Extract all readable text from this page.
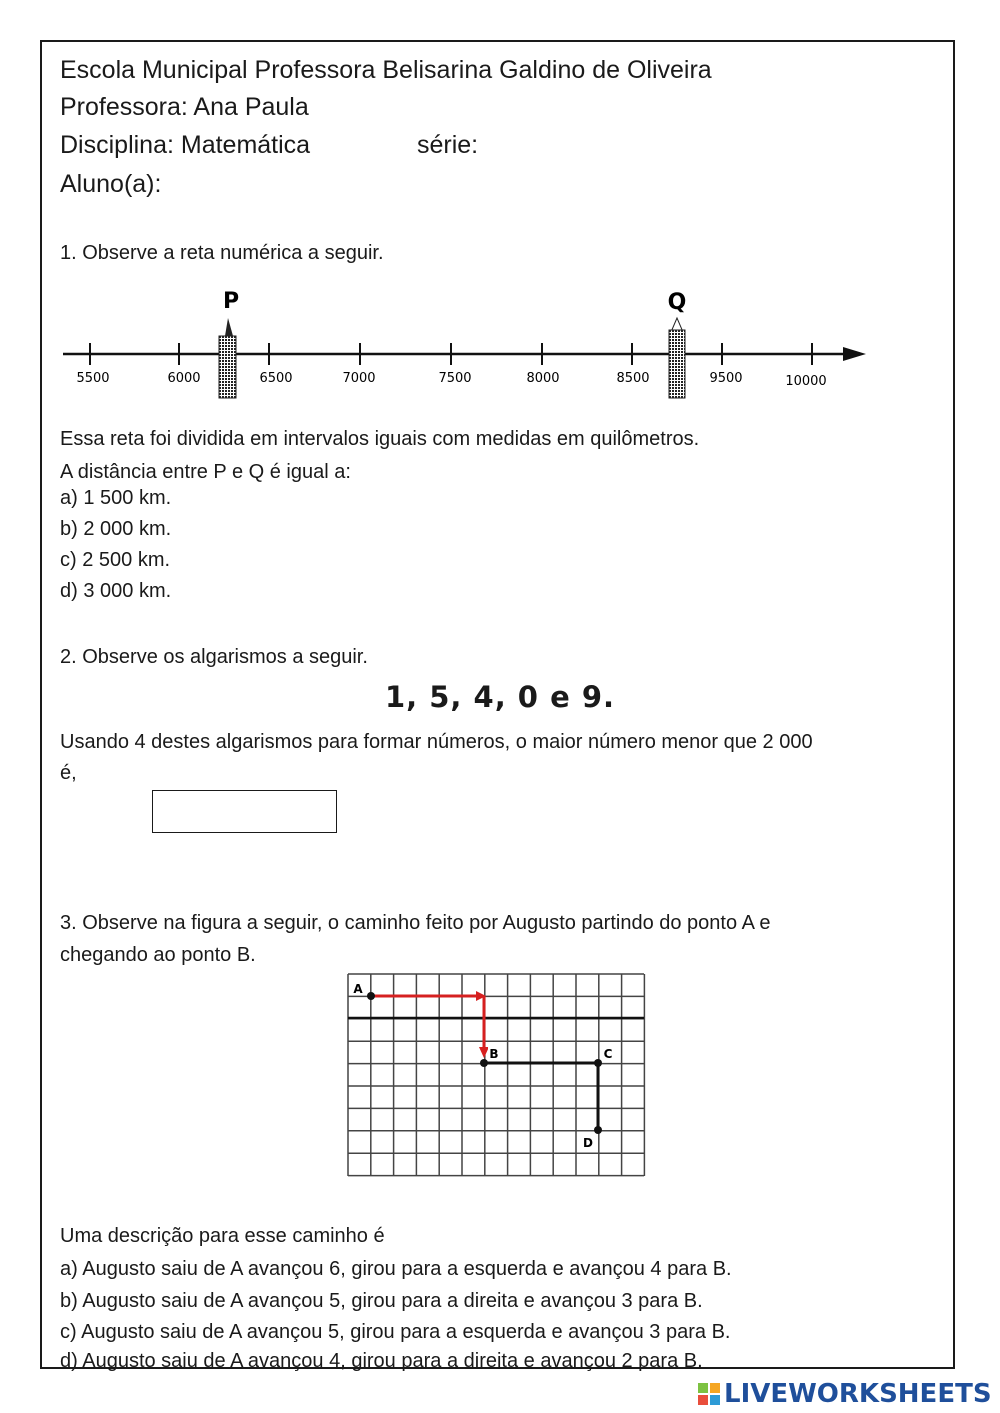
Escola Municipal Professora Belisarina Galdino de Oliveira
Professora: Ana Paula
Disciplina: Matemática	série:
Aluno(a):
1. Observe a reta numérica a seguir.
5500	6000	6500	7000	7500	8000	8500	9500	10000
P	Q
Essa reta foi dividida em intervalos iguais com medidas em quilômetros.
A distância entre P e Q é igual a:
a) 1 500 km.
b) 2 000 km.
c) 2 500 km.
d) 3 000 km.
2. Observe os algarismos a seguir.
1, 5, 4, 0 e 9.
Usando 4 destes algarismos para formar números, o maior número menor que 2 000
é,
3. Observe na figura a seguir, o caminho feito por Augusto partindo do ponto A e
chegando ao ponto B.
A
B	C
D
Uma descrição para esse caminho é
a) Augusto saiu de A avançou 6, girou para a esquerda e avançou 4 para B.
b) Augusto saiu de A avançou 5, girou para a direita e avançou 3 para B.
c) Augusto saiu de A avançou 5, girou para a esquerda e avançou 3 para B.
d) Augusto saiu de A avançou 4, girou para a direita e avançou 2 para B.
LIVEWORKSHEETS
